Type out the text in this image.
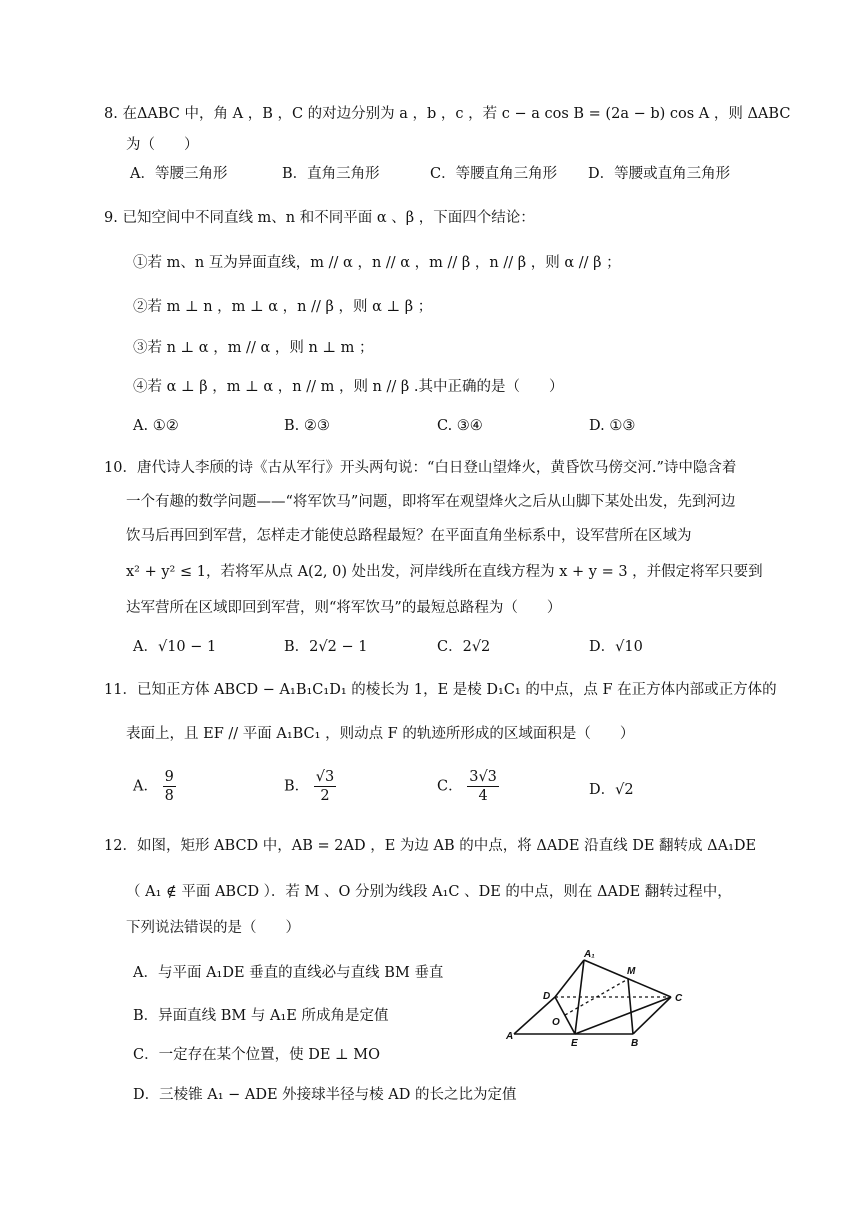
8. 在ΔABC 中，角 A ，B ，C 的对边分别为 a ，b ，c ，若 c − a cos B = (2a − b) cos A ，则 ΔABC
为（　　）
A．等腰三角形	B．直角三角形	C．等腰直角三角形 D．等腰或直角三角形
9. 已知空间中不同直线 m、n 和不同平面 α 、β ，下面四个结论：
①若 m、n 互为异面直线，m // α ，n // α ，m // β ，n // β ，则 α // β ；
②若 m ⊥ n ，m ⊥ α ，n // β ，则 α ⊥ β ；
③若 n ⊥ α ，m // α ，则 n ⊥ m ；
④若 α ⊥ β ，m ⊥ α ，n // m ，则 n // β .其中正确的是（　　）
A. ①②	B. ②③	C. ③④	D. ①③
10．唐代诗人李颀的诗《古从军行》开头两句说：“白日登山望烽火，黄昏饮马傍交河.”诗中隐含着
一个有趣的数学问题——“将军饮马”问题，即将军在观望烽火之后从山脚下某处出发，先到河边
饮马后再回到军营，怎样走才能使总路程最短？在平面直角坐标系中，设军营所在区域为
x² + y² ≤ 1，若将军从点 A(2, 0) 处出发，河岸线所在直线方程为 x + y = 3 ，并假定将军只要到
达军营所在区域即回到军营，则“将军饮马”的最短总路程为（　　）
A．√10 − 1	B．2√2 − 1	C．2√2	D．√10
11．已知正方体 ABCD − A₁B₁C₁D₁ 的棱长为 1，E 是棱 D₁C₁ 的中点，点 F 在正方体内部或正方体的
表面上，且 EF // 平面 A₁BC₁ ，则动点 F 的轨迹所形成的区域面积是（　　）
A． $\frac{9}{8}$	B． $\frac{√3}{2}$	C． $\frac{3√3}{4}$	D．√2
12．如图，矩形 ABCD 中，AB = 2AD ，E 为边 AB 的中点，将 ΔADE 沿直线 DE 翻转成 ΔA₁DE
（ A₁ ∉ 平面 ABCD ）．若 M 、O 分别为线段 A₁C 、DE 的中点，则在 ΔADE 翻转过程中，
下列说法错误的是（　　）
A．与平面 A₁DE 垂直的直线必与直线 BM 垂直
B．异面直线 BM 与 A₁E 所成角是定值
C．一定存在某个位置，使 DE ⊥ MO
D．三棱锥 A₁ − ADE 外接球半径与棱 AD 的长之比为定值
A₁
M
D	C
O
A
E	B
